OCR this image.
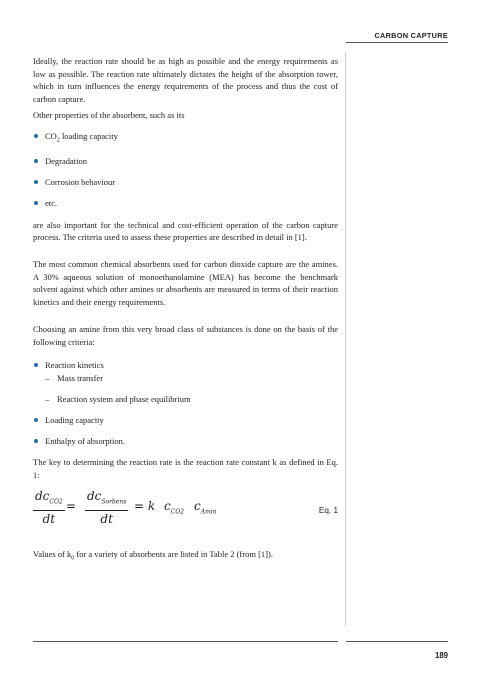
CARBON CAPTURE

Ideally, the reaction rate should be as high as possible and the energy requirements as low as possible. The reaction rate ultimately dictates the height of the absorption tower, which in turn influences the energy requirements of the process and thus the cost of carbon capture.

Other properties of the absorbent, such as its

$CO_2$ loading capacity
Degradation
Corrosion behaviour
etc.

are also important for the technical and cost-efficient operation of the carbon capture process. The criteria used to assess these properties are described in detail in [1].

The most common chemical absorbents used for carbon dioxide capture are the amines. A 30% aqueous solution of monoethanolamine (MEA) has become the benchmark solvent against which other amines or absorbents are measured in terms of their reaction kinetics and their energy requirements.

Choosing an amine from this very broad class of substances is done on the basis of the following criteria:

Reaction kinetics
– Mass transfer
– Reaction system and phase equilibrium
Loading capacity
Enthalpy of absorption.

The key to determining the reaction rate is the reaction rate constant k as defined in Eq. 1:

$dc_{CO2}$
dt
=
$dc_{Sorbens}$
dt
= k $c_{CO2}$ $c_{Amin}$	Eq. 1

Values of $k_0$ for a variety of absorbents are listed in Table 2 (from [1]).

189
